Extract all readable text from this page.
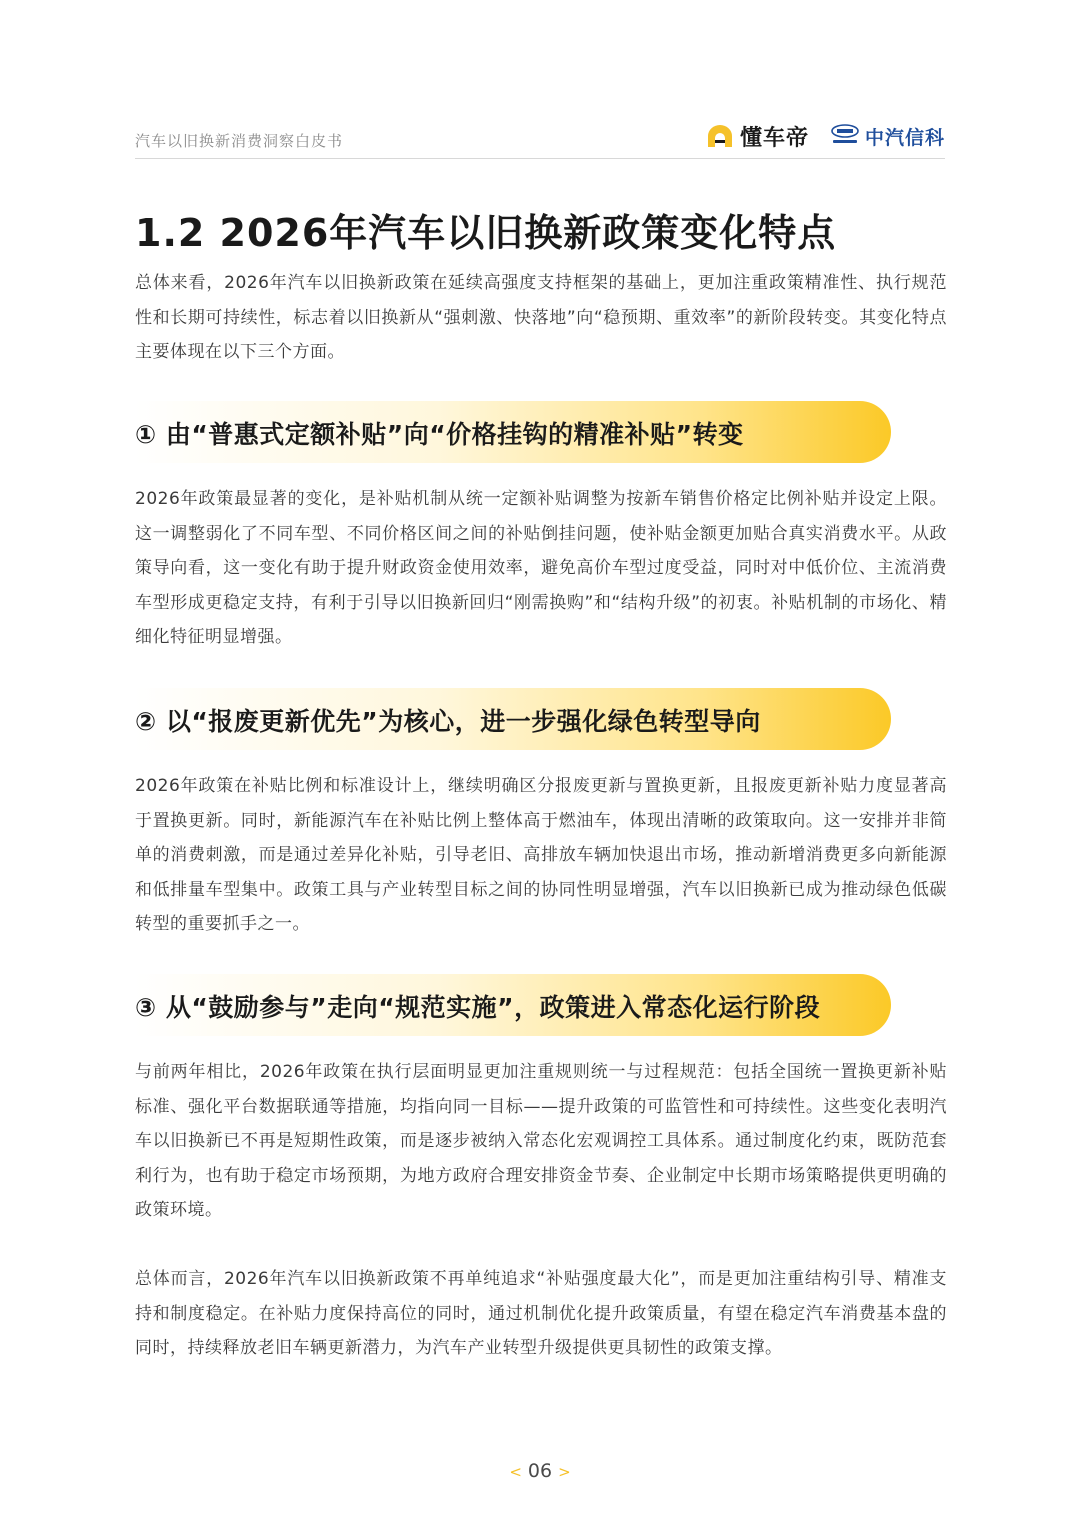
汽车以旧换新消费洞察白皮书	懂车帝	中汽信科
1.2 2026年汽车以旧换新政策变化特点

总体来看，2026年汽车以旧换新政策在延续高强度支持框架的基础上，更加注重政策精准性、执行规范性和长期可持续性，标志着以旧换新从“强刺激、快落地”向“稳预期、重效率”的新阶段转变。其变化特点主要体现在以下三个方面。

① 由“普惠式定额补贴”向“价格挂钩的精准补贴”转变

2026年政策最显著的变化，是补贴机制从统一定额补贴调整为按新车销售价格定比例补贴并设定上限。这一调整弱化了不同车型、不同价格区间之间的补贴倒挂问题，使补贴金额更加贴合真实消费水平。从政策导向看，这一变化有助于提升财政资金使用效率，避免高价车型过度受益，同时对中低价位、主流消费车型形成更稳定支持，有利于引导以旧换新回归“刚需换购”和“结构升级”的初衷。补贴机制的市场化、精细化特征明显增强。

② 以“报废更新优先”为核心，进一步强化绿色转型导向

2026年政策在补贴比例和标准设计上，继续明确区分报废更新与置换更新，且报废更新补贴力度显著高于置换更新。同时，新能源汽车在补贴比例上整体高于燃油车，体现出清晰的政策取向。这一安排并非简单的消费刺激，而是通过差异化补贴，引导老旧、高排放车辆加快退出市场，推动新增消费更多向新能源和低排量车型集中。政策工具与产业转型目标之间的协同性明显增强，汽车以旧换新已成为推动绿色低碳转型的重要抓手之一。

③ 从“鼓励参与”走向“规范实施”，政策进入常态化运行阶段

与前两年相比，2026年政策在执行层面明显更加注重规则统一与过程规范：包括全国统一置换更新补贴标准、强化平台数据联通等措施，均指向同一目标——提升政策的可监管性和可持续性。这些变化表明汽车以旧换新已不再是短期性政策，而是逐步被纳入常态化宏观调控工具体系。通过制度化约束，既防范套利行为，也有助于稳定市场预期，为地方政府合理安排资金节奏、企业制定中长期市场策略提供更明确的政策环境。

总体而言，2026年汽车以旧换新政策不再单纯追求“补贴强度最大化”，而是更加注重结构引导、精准支持和制度稳定。在补贴力度保持高位的同时，通过机制优化提升政策质量，有望在稳定汽车消费基本盘的同时，持续释放老旧车辆更新潜力，为汽车产业转型升级提供更具韧性的政策支撑。

< 06 >
